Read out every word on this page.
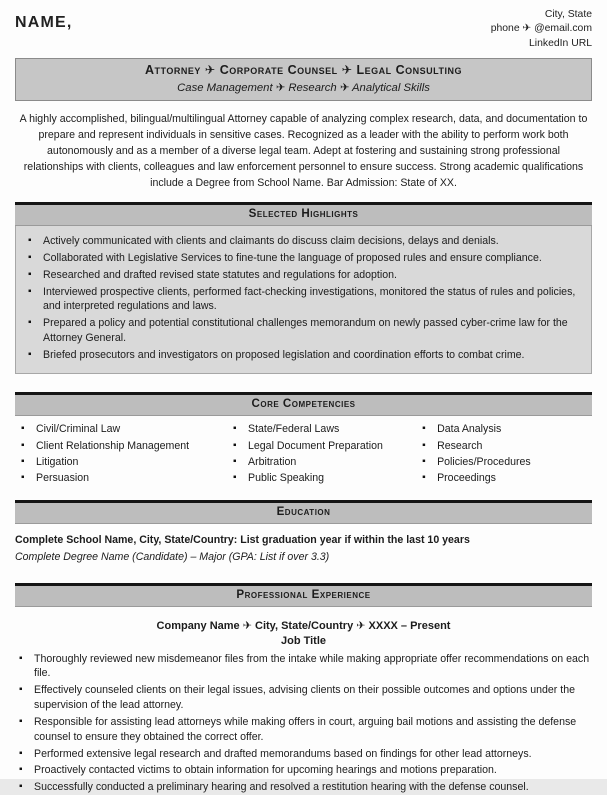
NAME,	City, State
phone ✈ @email.com
LinkedIn URL
Attorney ✈ Corporate Counsel ✈ Legal Consulting
Case Management ✈ Research ✈ Analytical Skills
A highly accomplished, bilingual/multilingual Attorney capable of analyzing complex research, data, and documentation to prepare and represent individuals in sensitive cases. Recognized as a leader with the ability to perform work both autonomously and as a member of a diverse legal team. Adept at fostering and sustaining strong professional relationships with clients, colleagues and law enforcement personnel to ensure success. Strong academic qualifications include a Degree from School Name. Bar Admission: State of XX.
Selected Highlights
▪ Actively communicated with clients and claimants do discuss claim decisions, delays and denials.
▪ Collaborated with Legislative Services to fine-tune the language of proposed rules and ensure compliance.
▪ Researched and drafted revised state statutes and regulations for adoption.
▪ Interviewed prospective clients, performed fact-checking investigations, monitored the status of rules and policies, and interpreted regulations and laws.
▪ Prepared a policy and potential constitutional challenges memorandum on newly passed cyber-crime law for the Attorney General.
▪ Briefed prosecutors and investigators on proposed legislation and coordination efforts to combat crime.
Core Competencies
▪ Civil/Criminal Law
▪ Client Relationship Management
▪ Litigation
▪ Persuasion
▪ State/Federal Laws
▪ Legal Document Preparation
▪ Arbitration
▪ Public Speaking
▪ Data Analysis
▪ Research
▪ Policies/Procedures
▪ Proceedings
Education
Complete School Name, City, State/Country: List graduation year if within the last 10 years
Complete Degree Name (Candidate) – Major (GPA: List if over 3.3)
Professional Experience
Company Name ✈ City, State/Country ✈ XXXX – Present
Job Title
▪ Thoroughly reviewed new misdemeanor files from the intake while making appropriate offer recommendations on each file.
▪ Effectively counseled clients on their legal issues, advising clients on their possible outcomes and options under the supervision of the lead attorney.
▪ Responsible for assisting lead attorneys while making offers in court, arguing bail motions and assisting the defense counsel to ensure they obtained the correct offer.
▪ Performed extensive legal research and drafted memorandums based on findings for other lead attorneys.
▪ Proactively contacted victims to obtain information for upcoming hearings and motions preparation.
▪ Successfully conducted a preliminary hearing and resolved a restitution hearing with the defense counsel.
